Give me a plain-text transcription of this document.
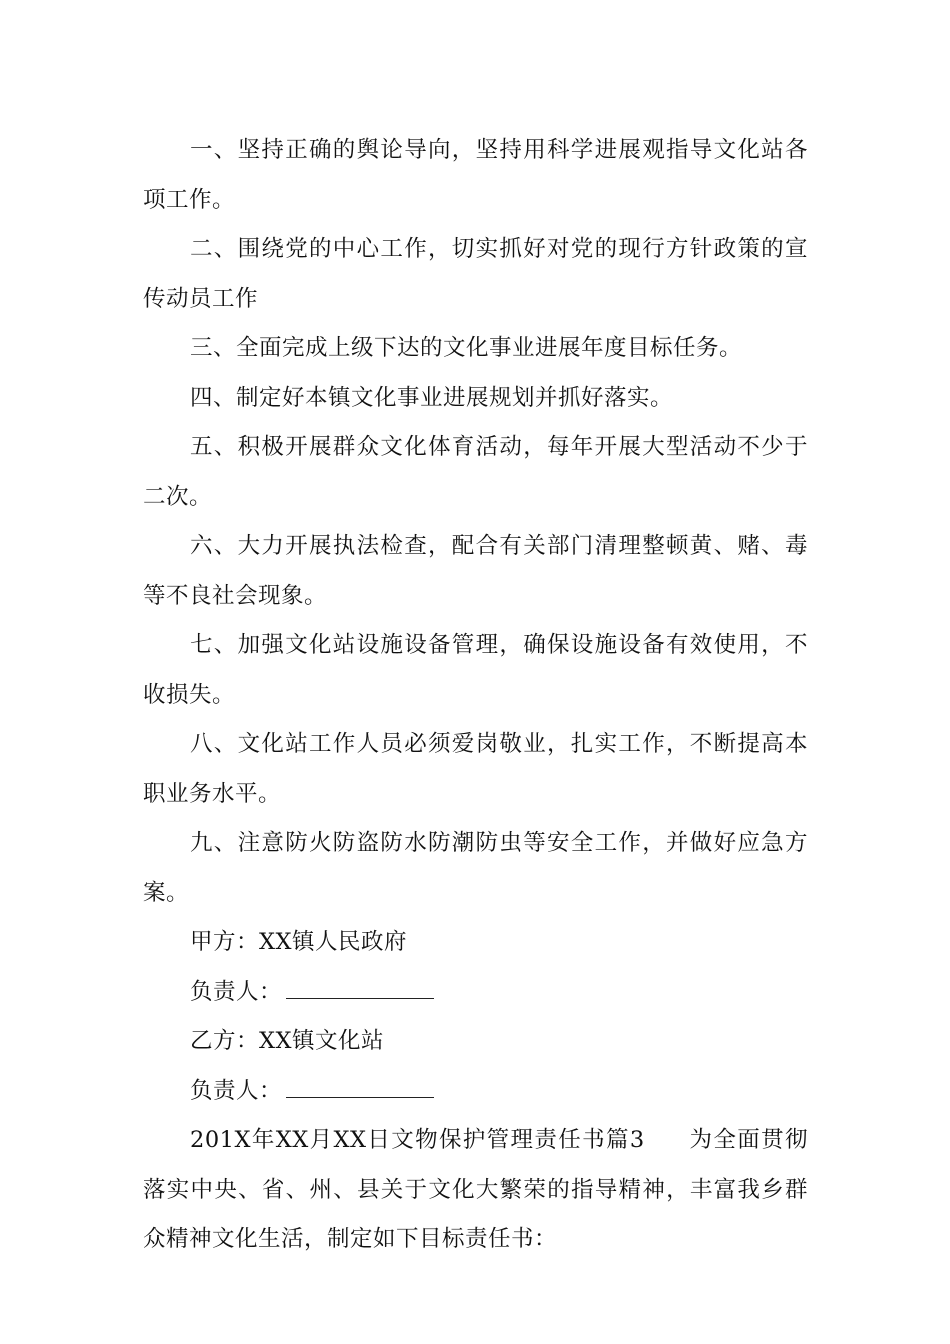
一、坚持正确的舆论导向，坚持用科学进展观指导文化站各项工作。

二、围绕党的中心工作，切实抓好对党的现行方针政策的宣传动员工作

三、全面完成上级下达的文化事业进展年度目标任务。

四、制定好本镇文化事业进展规划并抓好落实。

五、积极开展群众文化体育活动，每年开展大型活动不少于二次。

六、大力开展执法检查，配合有关部门清理整顿黄、赌、毒等不良社会现象。

七、加强文化站设施设备管理，确保设施设备有效使用，不收损失。

八、文化站工作人员必须爱岗敬业，扎实工作，不断提高本职业务水平。

九、注意防火防盗防水防潮防虫等安全工作，并做好应急方案。

甲方：XX镇人民政府

负责人：

乙方：XX镇文化站

负责人：

201X年XX月XX日文物保护管理责任书篇3 为全面贯彻落实中央、省、州、县关于文化大繁荣的指导精神，丰富我乡群众精神文化生活，制定如下目标责任书：
